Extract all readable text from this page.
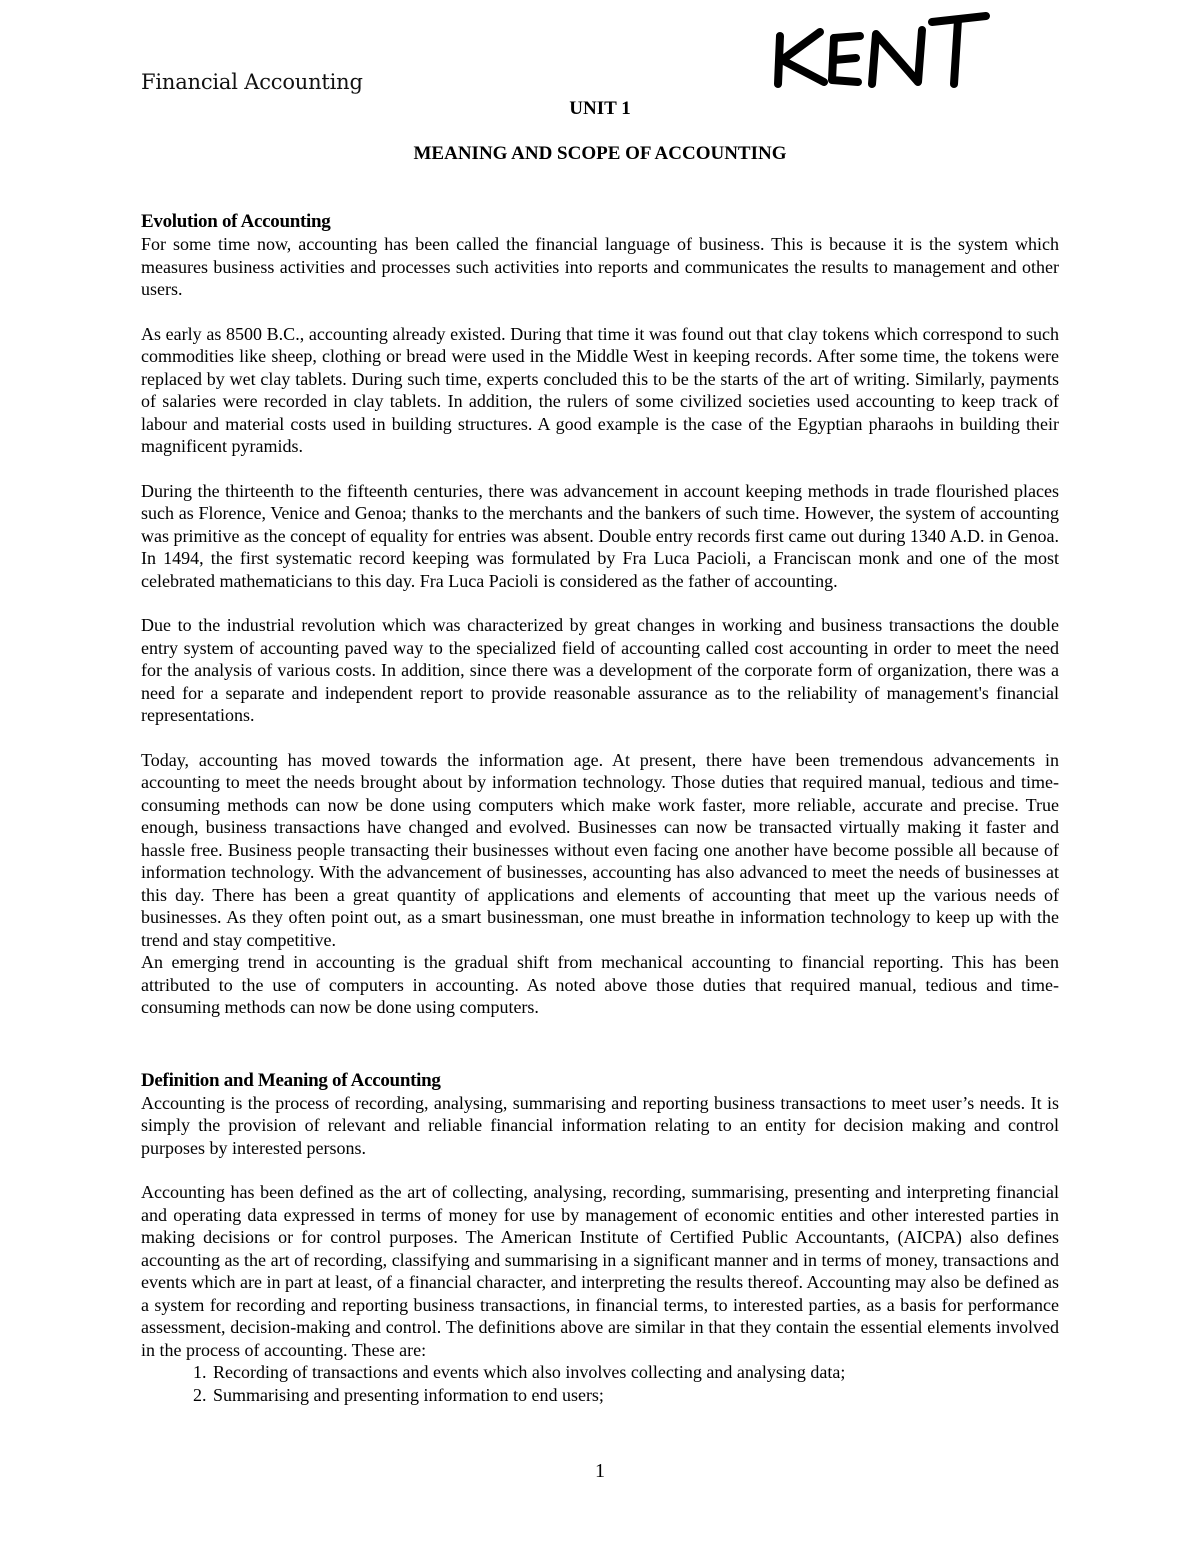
Financial Accounting
UNIT 1
MEANING AND SCOPE OF ACCOUNTING
Evolution of Accounting

For some time now, accounting has been called the financial language of business. This is because it is the system which measures business activities and processes such activities into reports and communicates the results to management and other users.

As early as 8500 B.C., accounting already existed. During that time it was found out that clay tokens which correspond to such commodities like sheep, clothing or bread were used in the Middle West in keeping records. After some time, the tokens were replaced by wet clay tablets. During such time, experts concluded this to be the starts of the art of writing. Similarly, payments of salaries were recorded in clay tablets. In addition, the rulers of some civilized societies used accounting to keep track of labour and material costs used in building structures. A good example is the case of the Egyptian pharaohs in building their magnificent pyramids.

During the thirteenth to the fifteenth centuries, there was advancement in account keeping methods in trade flourished places such as Florence, Venice and Genoa; thanks to the merchants and the bankers of such time. However, the system of accounting was primitive as the concept of equality for entries was absent. Double entry records first came out during 1340 A.D. in Genoa. In 1494, the first systematic record keeping was formulated by Fra Luca Pacioli, a Franciscan monk and one of the most celebrated mathematicians to this day. Fra Luca Pacioli is considered as the father of accounting.

Due to the industrial revolution which was characterized by great changes in working and business transactions the double entry system of accounting paved way to the specialized field of accounting called cost accounting in order to meet the need for the analysis of various costs. In addition, since there was a development of the corporate form of organization, there was a need for a separate and independent report to provide reasonable assurance as to the reliability of management's financial representations.

Today, accounting has moved towards the information age. At present, there have been tremendous advancements in accounting to meet the needs brought about by information technology. Those duties that required manual, tedious and time-consuming methods can now be done using computers which make work faster, more reliable, accurate and precise. True enough, business transactions have changed and evolved. Businesses can now be transacted virtually making it faster and hassle free. Business people transacting their businesses without even facing one another have become possible all because of information technology. With the advancement of businesses, accounting has also advanced to meet the needs of businesses at this day. There has been a great quantity of applications and elements of accounting that meet up the various needs of businesses. As they often point out, as a smart businessman, one must breathe in information technology to keep up with the trend and stay competitive.

An emerging trend in accounting is the gradual shift from mechanical accounting to financial reporting. This has been attributed to the use of computers in accounting. As noted above those duties that required manual, tedious and time-consuming methods can now be done using computers.

Definition and Meaning of Accounting

Accounting is the process of recording, analysing, summarising and reporting business transactions to meet user’s needs. It is simply the provision of relevant and reliable financial information relating to an entity for decision making and control purposes by interested persons.

Accounting has been defined as the art of collecting, analysing, recording, summarising, presenting and interpreting financial and operating data expressed in terms of money for use by management of economic entities and other interested parties in making decisions or for control purposes. The American Institute of Certified Public Accountants, (AICPA) also defines accounting as the art of recording, classifying and summarising in a significant manner and in terms of money, transactions and events which are in part at least, of a financial character, and interpreting the results thereof. Accounting may also be defined as a system for recording and reporting business transactions, in financial terms, to interested parties, as a basis for performance assessment, decision-making and control. The definitions above are similar in that they contain the essential elements involved in the process of accounting. These are:

1. Recording of transactions and events which also involves collecting and analysing data;
2. Summarising and presenting information to end users;
1
